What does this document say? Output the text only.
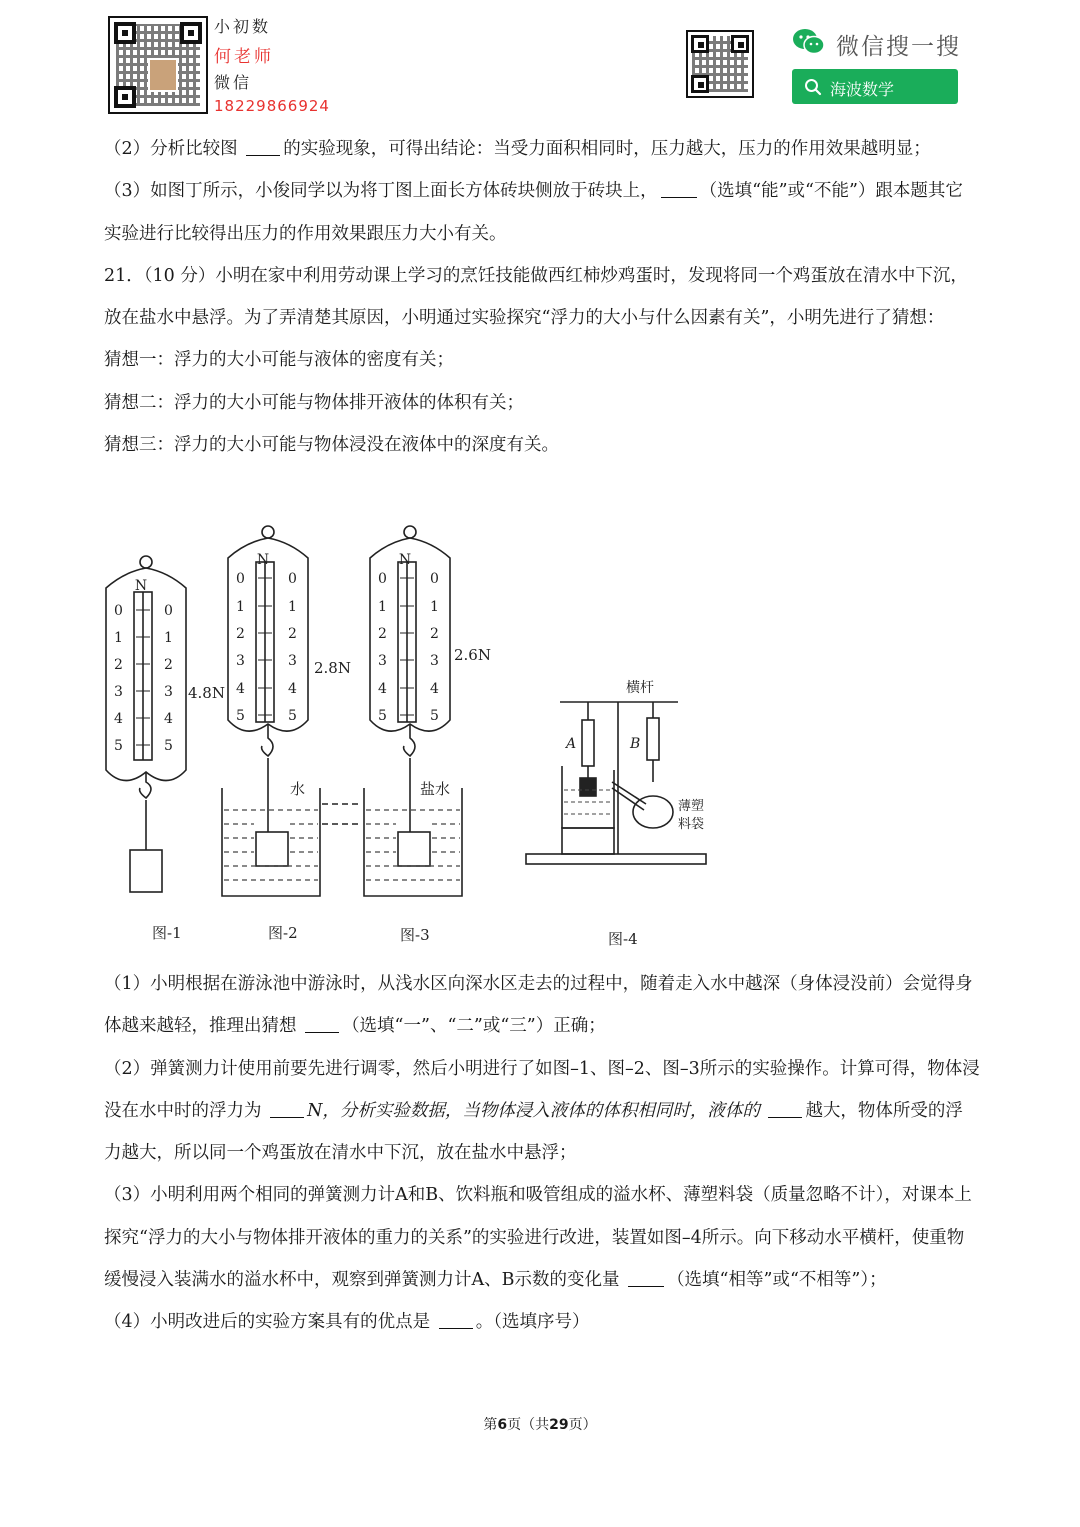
小初数
何老师
微信
18229866924
微信搜一搜
海波数学

（2）分析比较图 的实验现象，可得出结论：当受力面积相同时，压力越大，压力的作用效果越明显；

（3）如图丁所示，小俊同学以为将丁图上面长方体砖块侧放于砖块上， （选填“能”或“不能”）跟本题其它实验进行比较得出压力的作用效果跟压力大小有关。

21．（10 分）小明在家中利用劳动课上学习的烹饪技能做西红柿炒鸡蛋时，发现将同一个鸡蛋放在清水中下沉，放在盐水中悬浮。为了弄清楚其原因，小明通过实验探究“浮力的大小与什么因素有关”，小明先进行了猜想：

猜想一：浮力的大小可能与液体的密度有关；

猜想二：浮力的大小可能与物体排开液体的体积有关；

猜想三：浮力的大小可能与物体浸没在液体中的深度有关。

N
0
1
2
3
4
5
0
1
2
3
4
5
N
0
1
2
3
4
5
0
1
2
3
4
5
N
0
1
2
3
4
5
0
1
2
3
4
5
4.8N
2.8N
2.6N
水	盐水
图-1	图-2	图-3	图-4
横杆
A	B
薄塑料袋

（1）小明根据在游泳池中游泳时，从浅水区向深水区走去的过程中，随着走入水中越深（身体浸没前）会觉得身体越来越轻，推理出猜想 （选填“一”、“二”或“三”）正确；

（2）弹簧测力计使用前要先进行调零，然后小明进行了如图–1、图–2、图–3所示的实验操作。计算可得，物体浸没在水中时的浮力为 N，分析实验数据，当物体浸入液体的体积相同时，液体的 越大，物体所受的浮力越大，所以同一个鸡蛋放在清水中下沉，放在盐水中悬浮；

（3）小明利用两个相同的弹簧测力计A和B、饮料瓶和吸管组成的溢水杯、薄塑料袋（质量忽略不计），对课本上探究“浮力的大小与物体排开液体的重力的关系”的实验进行改进，装置如图–4所示。向下移动水平横杆，使重物缓慢浸入装满水的溢水杯中，观察到弹簧测力计A、B示数的变化量 （选填“相等”或“不相等”）；

（4）小明改进后的实验方案具有的优点是 。（选填序号）

第6页（共29页）
